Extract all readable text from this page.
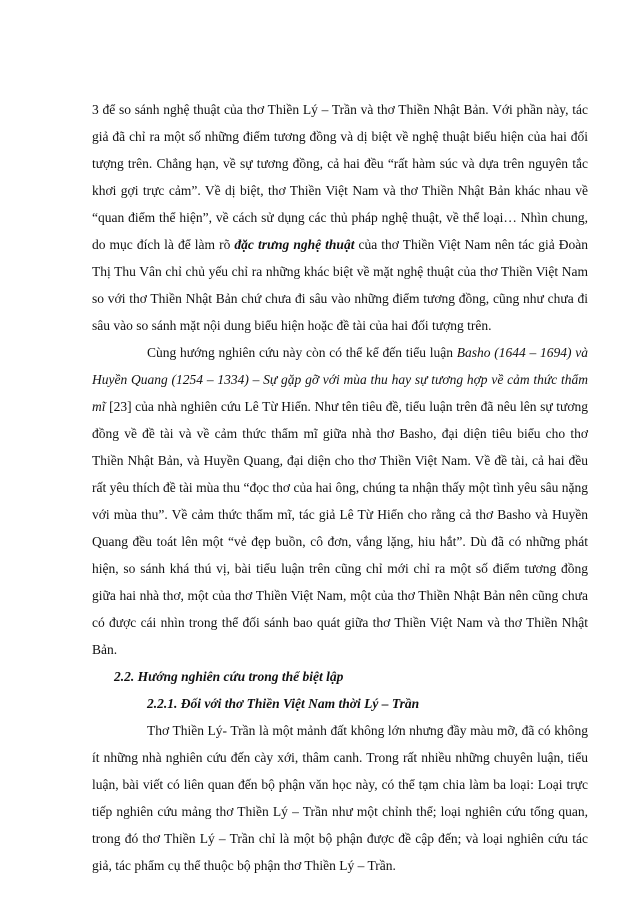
3 để so sánh nghệ thuật của thơ Thiền Lý – Trần và thơ Thiền Nhật Bản. Với phần này, tác giả đã chỉ ra một số những điểm tương đồng và dị biệt về nghệ thuật biểu hiện của hai đối tượng trên. Chẳng hạn, về sự tương đồng, cả hai đều “rất hàm súc và dựa trên nguyên tắc khơi gợi trực cảm”. Về dị biệt, thơ Thiền Việt Nam và thơ Thiền Nhật Bản khác nhau về “quan điểm thể hiện”, về cách sử dụng các thủ pháp nghệ thuật, về thể loại… Nhìn chung, do mục đích là để làm rõ đặc trưng nghệ thuật của thơ Thiền Việt Nam nên tác giả Đoàn Thị Thu Vân chỉ chủ yếu chỉ ra những khác biệt về mặt nghệ thuật của thơ Thiền Việt Nam so với thơ Thiền Nhật Bản chứ chưa đi sâu vào những điểm tương đồng, cũng như chưa đi sâu vào so sánh mặt nội dung biểu hiện hoặc đề tài của hai đối tượng trên.

Cùng hướng nghiên cứu này còn có thể kể đến tiểu luận Basho (1644 – 1694) và Huyền Quang (1254 – 1334) – Sự gặp gỡ với mùa thu hay sự tương hợp về cảm thức thẩm mĩ [23] của nhà nghiên cứu Lê Từ Hiển. Như tên tiêu đề, tiểu luận trên đã nêu lên sự tương đồng về đề tài và về cảm thức thẩm mĩ giữa nhà thơ Basho, đại diện tiêu biểu cho thơ Thiền Nhật Bản, và Huyền Quang, đại diện cho thơ Thiền Việt Nam. Về đề tài, cả hai đều rất yêu thích đề tài mùa thu “đọc thơ của hai ông, chúng ta nhận thấy một tình yêu sâu nặng với mùa thu”. Về cảm thức thẩm mĩ, tác giả Lê Từ Hiển cho rằng cả thơ Basho và Huyền Quang đều toát lên một “vẻ đẹp buồn, cô đơn, vắng lặng, hiu hắt”. Dù đã có những phát hiện, so sánh khá thú vị, bài tiểu luận trên cũng chỉ mới chỉ ra một số điểm tương đồng giữa hai nhà thơ, một của thơ Thiền Việt Nam, một của thơ Thiền Nhật Bản nên cũng chưa có được cái nhìn trong thể đối sánh bao quát giữa thơ Thiền Việt Nam và thơ Thiền Nhật Bản.

2.2. Hướng nghiên cứu trong thể biệt lập

2.2.1. Đối với thơ Thiền Việt Nam thời Lý – Trần

Thơ Thiền Lý- Trần là một mảnh đất không lớn nhưng đầy màu mỡ, đã có không ít những nhà nghiên cứu đến cày xới, thâm canh. Trong rất nhiều những chuyên luận, tiểu luận, bài viết có liên quan đến bộ phận văn học này, có thể tạm chia làm ba loại: Loại trực tiếp nghiên cứu mảng thơ Thiền Lý – Trần như một chỉnh thể; loại nghiên cứu tổng quan, trong đó thơ Thiền Lý – Trần chỉ là một bộ phận được đề cập đến; và loại nghiên cứu tác giả, tác phẩm cụ thể thuộc bộ phận thơ Thiền Lý – Trần.
